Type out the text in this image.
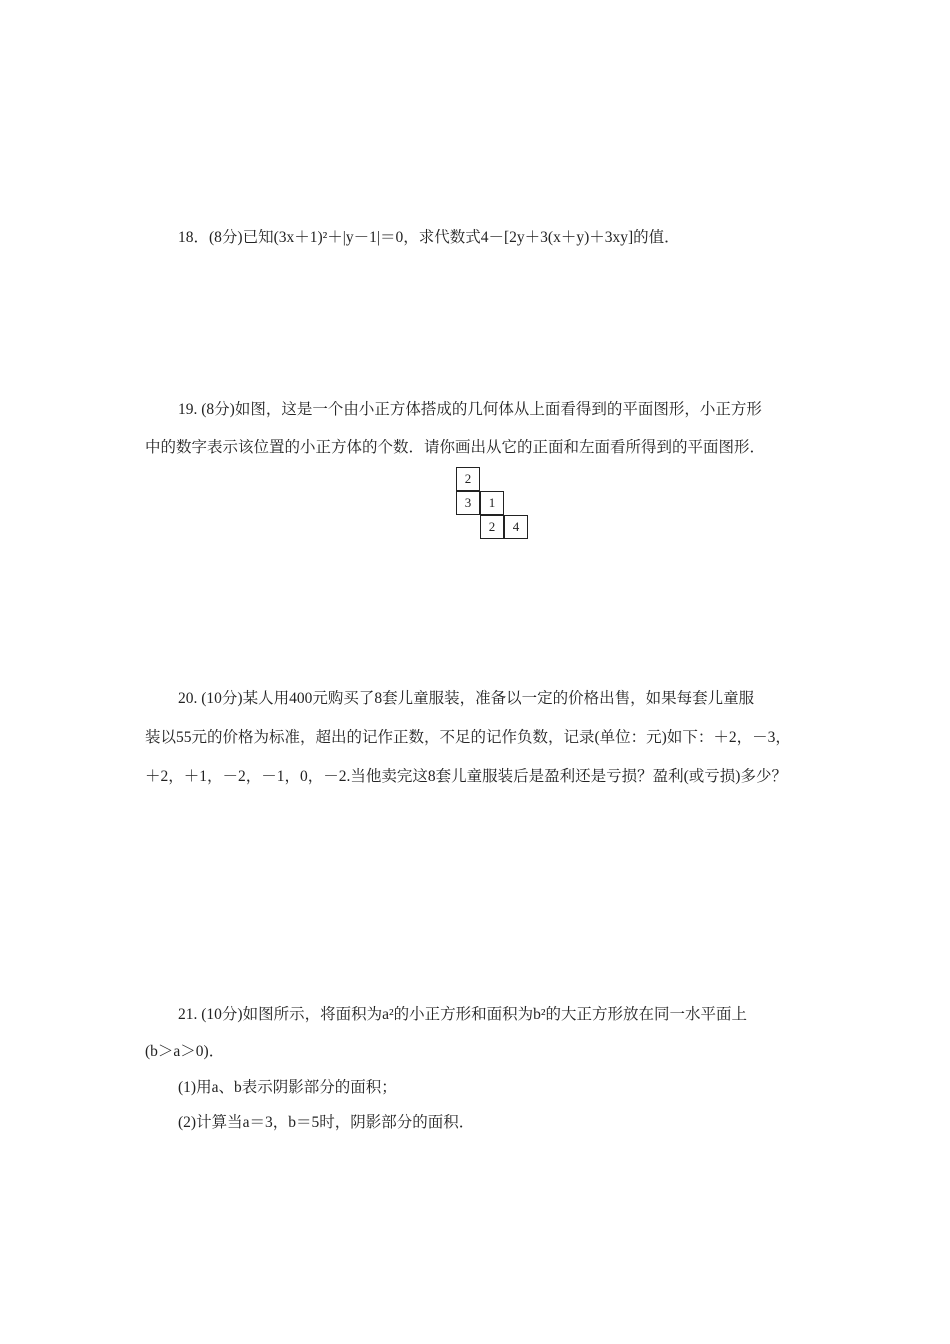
18．(8分)已知(3x＋1)²＋|y－1|＝0，求代数式4－[2y＋3(x＋y)＋3xy]的值．
19. (8分)如图，这是一个由小正方体搭成的几何体从上面看得到的平面图形，小正方形
中的数字表示该位置的小正方体的个数．请你画出从它的正面和左面看所得到的平面图形．
2
3	1
2	4
20. (10分)某人用400元购买了8套儿童服装，准备以一定的价格出售，如果每套儿童服
装以55元的价格为标准，超出的记作正数，不足的记作负数，记录(单位：元)如下：＋2，－3，
＋2，＋1，－2，－1，0，－2.当他卖完这8套儿童服装后是盈利还是亏损？盈利(或亏损)多少？
21. (10分)如图所示，将面积为a²的小正方形和面积为b²的大正方形放在同一水平面上
(b＞a＞0)．
(1)用a、b表示阴影部分的面积；
(2)计算当a＝3，b＝5时，阴影部分的面积．
